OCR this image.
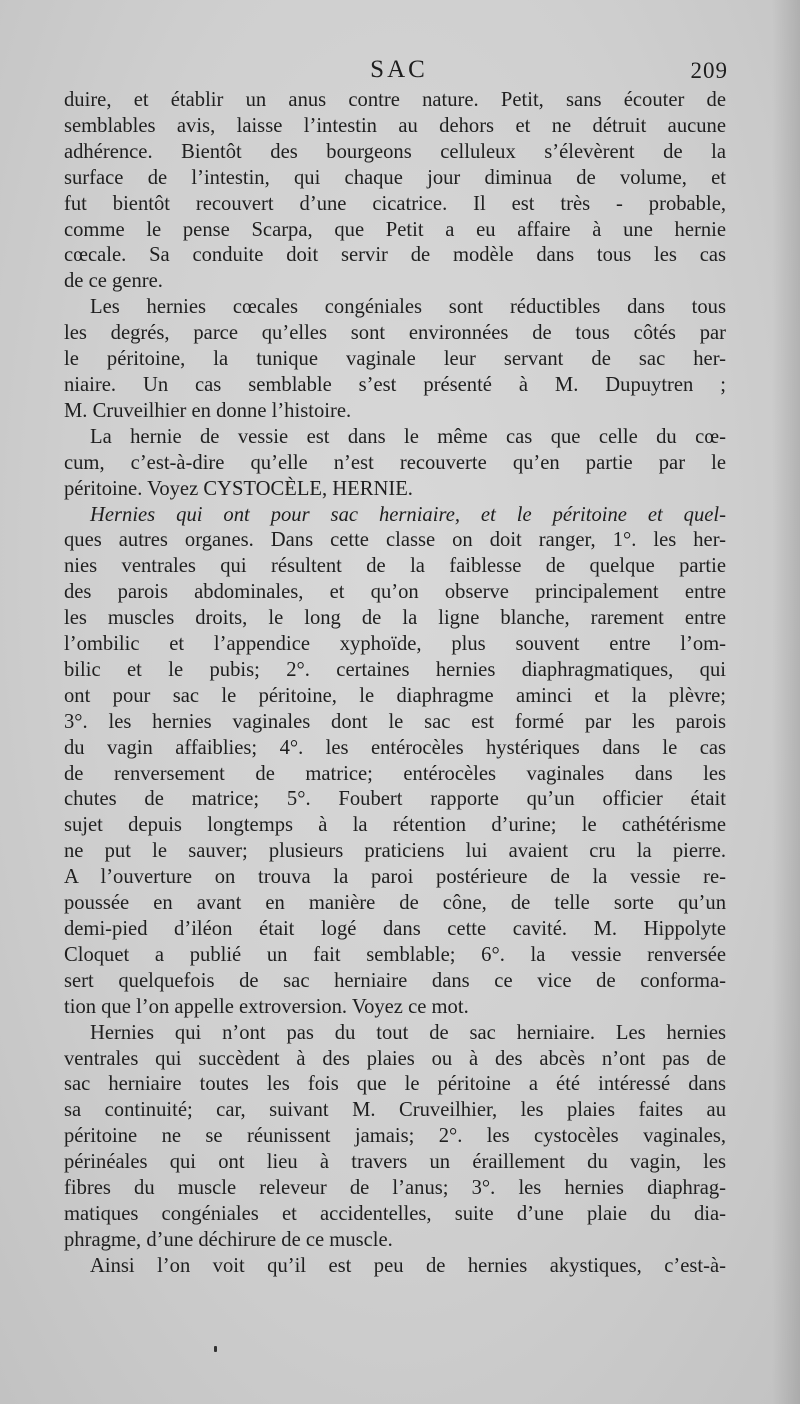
SAC	209
duire, et établir un anus contre nature. Petit, sans écouter de
semblables avis, laisse l’intestin au dehors et ne détruit aucune
adhérence. Bientôt des bourgeons celluleux s’élevèrent de la
surface de l’intestin, qui chaque jour diminua de volume, et
fut bientôt recouvert d’une cicatrice. Il est très - probable,
comme le pense Scarpa, que Petit a eu affaire à une hernie
cœcale. Sa conduite doit servir de modèle dans tous les cas
de ce genre.
Les hernies cœcales congéniales sont réductibles dans tous
les degrés, parce qu’elles sont environnées de tous côtés par
le péritoine, la tunique vaginale leur servant de sac her-
niaire. Un cas semblable s’est présenté à M. Dupuytren ;
M. Cruveilhier en donne l’histoire.
La hernie de vessie est dans le même cas que celle du cœ-
cum, c’est-à-dire qu’elle n’est recouverte qu’en partie par le
péritoine. Voyez CYSTOCÈLE, HERNIE.
Hernies qui ont pour sac herniaire, et le péritoine et quel-
ques autres organes. Dans cette classe on doit ranger, 1°. les her-
nies ventrales qui résultent de la faiblesse de quelque partie
des parois abdominales, et qu’on observe principalement entre
les muscles droits, le long de la ligne blanche, rarement entre
l’ombilic et l’appendice xyphoïde, plus souvent entre l’om-
bilic et le pubis; 2°. certaines hernies diaphragmatiques, qui
ont pour sac le péritoine, le diaphragme aminci et la plèvre;
3°. les hernies vaginales dont le sac est formé par les parois
du vagin affaiblies; 4°. les entérocèles hystériques dans le cas
de renversement de matrice; entérocèles vaginales dans les
chutes de matrice; 5°. Foubert rapporte qu’un officier était
sujet depuis longtemps à la rétention d’urine; le cathétérisme
ne put le sauver; plusieurs praticiens lui avaient cru la pierre.
A l’ouverture on trouva la paroi postérieure de la vessie re-
poussée en avant en manière de cône, de telle sorte qu’un
demi-pied d’iléon était logé dans cette cavité. M. Hippolyte
Cloquet a publié un fait semblable; 6°. la vessie renversée
sert quelquefois de sac herniaire dans ce vice de conforma-
tion que l’on appelle extroversion. Voyez ce mot.
Hernies qui n’ont pas du tout de sac herniaire. Les hernies
ventrales qui succèdent à des plaies ou à des abcès n’ont pas de
sac herniaire toutes les fois que le péritoine a été intéressé dans
sa continuité; car, suivant M. Cruveilhier, les plaies faites au
péritoine ne se réunissent jamais; 2°. les cystocèles vaginales,
périnéales qui ont lieu à travers un éraillement du vagin, les
fibres du muscle releveur de l’anus; 3°. les hernies diaphrag-
matiques congéniales et accidentelles, suite d’une plaie du dia-
phragme, d’une déchirure de ce muscle.
Ainsi l’on voit qu’il est peu de hernies akystiques, c’est-à-
